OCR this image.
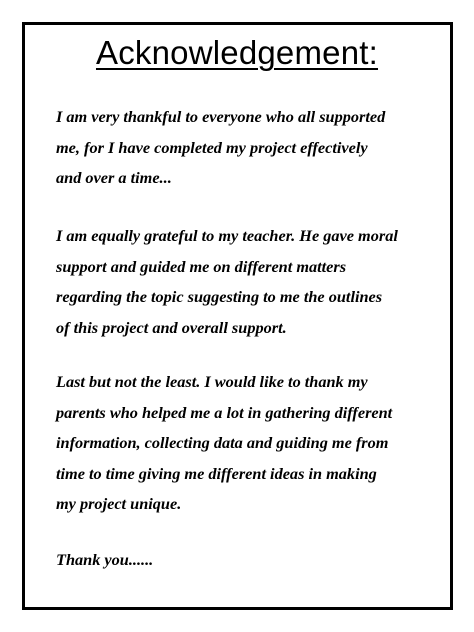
Acknowledgement:

I am very thankful to everyone who all supported
me, for I have completed my project effectively
and over a time...

I am equally grateful to my teacher. He gave moral
support and guided me on different matters
regarding the topic suggesting to me the outlines
of this project and overall support.

Last but not the least. I would like to thank my
parents who helped me a lot in gathering different
information, collecting data and guiding me from
time to time giving me different ideas in making
my project unique.

Thank you......
